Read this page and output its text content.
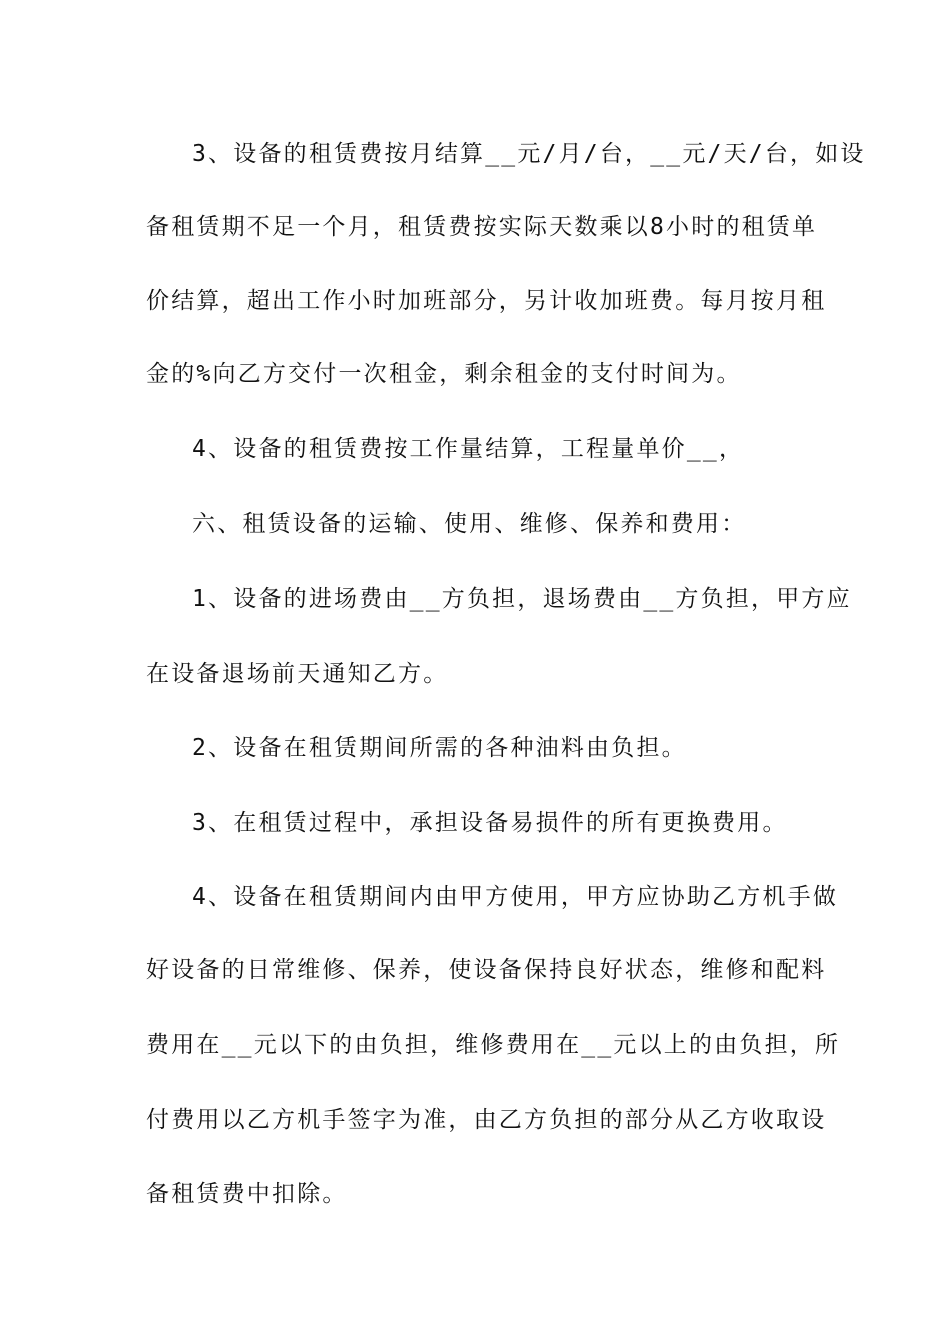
3、设备的租赁费按月结算__元/月/台，__元/天/台，如设
备租赁期不足一个月，租赁费按实际天数乘以8小时的租赁单
价结算，超出工作小时加班部分，另计收加班费。每月按月租
金的%向乙方交付一次租金，剩余租金的支付时间为。
4、设备的租赁费按工作量结算，工程量单价__，
六、租赁设备的运输、使用、维修、保养和费用：
1、设备的进场费由__方负担，退场费由__方负担，甲方应
在设备退场前天通知乙方。
2、设备在租赁期间所需的各种油料由负担。
3、在租赁过程中，承担设备易损件的所有更换费用。
4、设备在租赁期间内由甲方使用，甲方应协助乙方机手做
好设备的日常维修、保养，使设备保持良好状态，维修和配料
费用在__元以下的由负担，维修费用在__元以上的由负担，所
付费用以乙方机手签字为准，由乙方负担的部分从乙方收取设
备租赁费中扣除。
